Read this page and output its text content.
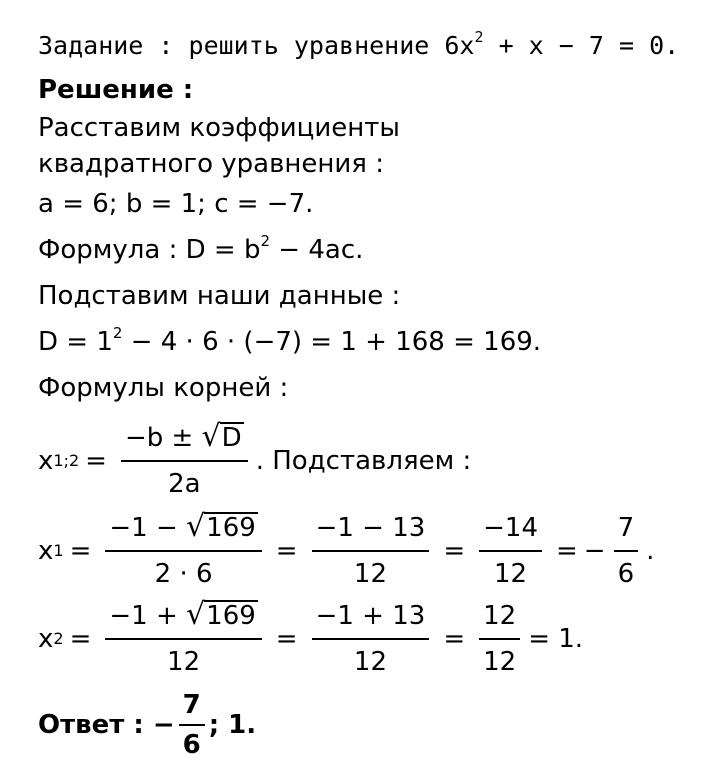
Задание : решить уравнение $6x^2 + x - 7 = 0$.
Решение :
Расставим коэффициенты
квадратного уравнения :
a = 6; b = 1; c = −7.
Формула : $D = b^2 - 4ac$.
Подставим наши данные :
$D = 1^2 - 4 \cdot 6 \cdot (-7) = 1 + 168 = 169$.
Формулы корней :
x 1;2 = $\frac{-b \pm √ D}{2a}$ . Подставляем :
x $1 = \frac{-1 - √ 169}{2 \cdot 6} = \frac{-1 - 13}{12} = \frac{-14}{12}$ = − $\frac{7}{6}$ .
x $2 = \frac{-1 + √ 169}{12} = \frac{-1 + 13}{12} = \frac{12}{12} = 1$.
Ответ : − $\frac{7}{6}$ ; 1.
